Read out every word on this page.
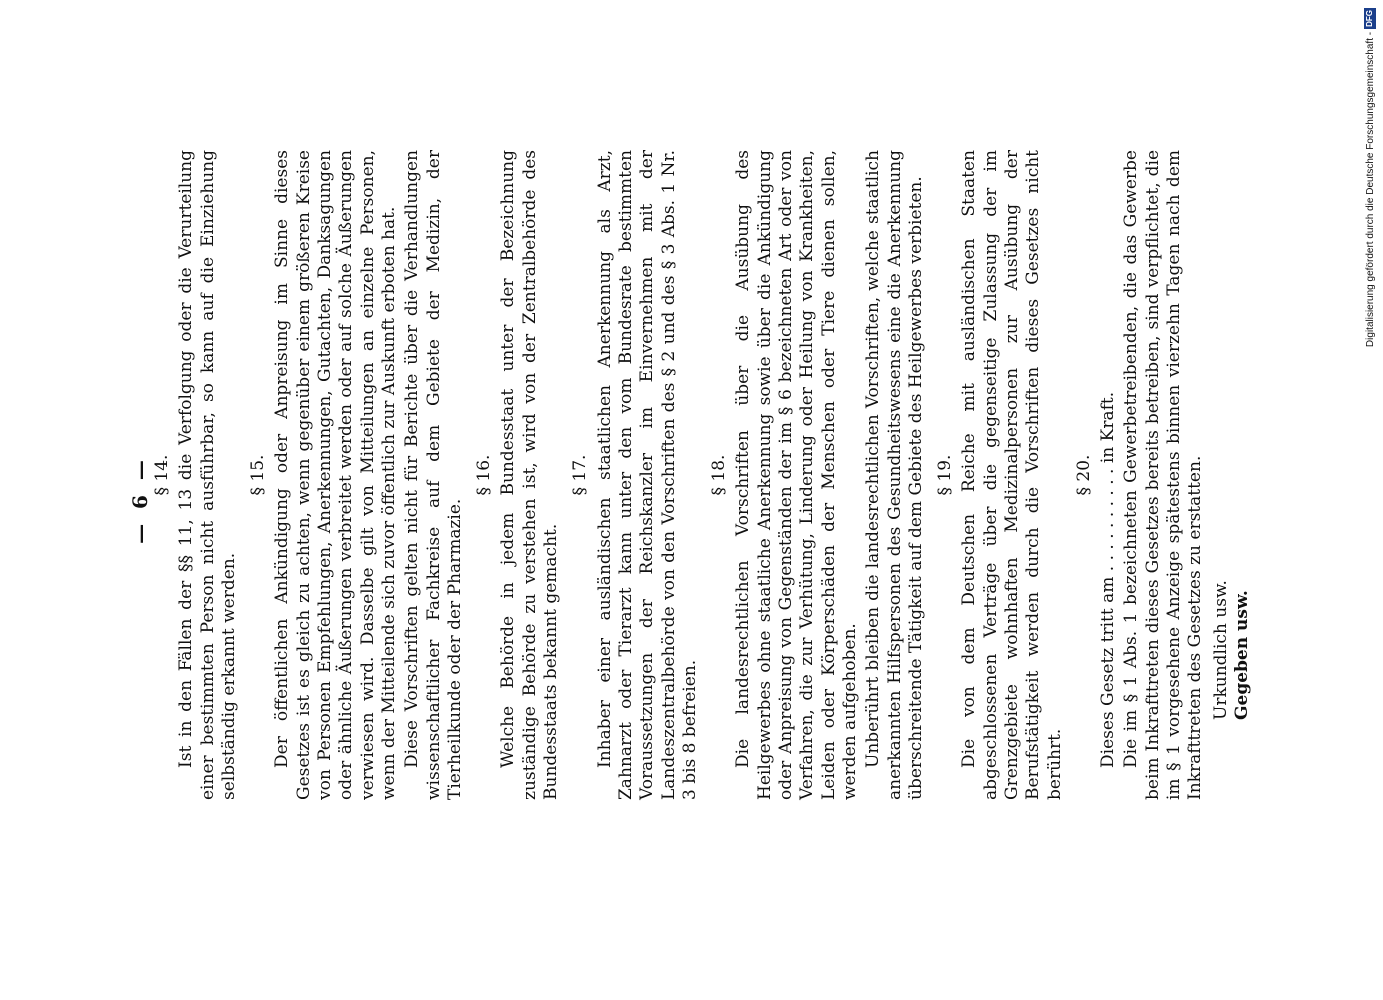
— 6 — § 14. Ist in den Fällen der §§ 11, 13 die Verfolgung oder die Verurteilung einer bestimmten Person nicht ausführbar, so kann auf die Einziehung selbständig erkannt werden.

§ 15. Der öffentlichen Ankündigung oder Anpreisung im Sinne dieses Gesetzes ist es gleich zu achten, wenn gegenüber einem größeren Kreise von Personen Empfehlungen, Anerkennungen, Gutachten, Danksagungen oder ähnliche Äußerungen verbreitet werden oder auf solche Äußerungen verwiesen wird. Dasselbe gilt von Mitteilungen an einzelne Personen, wenn der Mitteilende sich zuvor öffentlich zur Auskunft erboten hat. Diese Vorschriften gelten nicht für Berichte über die Verhandlungen wissenschaftlicher Fachkreise auf dem Gebiete der Medizin, der Tierheilkunde oder der Pharmazie.

§ 16. Welche Behörde in jedem Bundesstaat unter der Bezeichnung zuständige Behörde zu verstehen ist, wird von der Zentralbehörde des Bundesstaats bekannt gemacht.

§ 17. Inhaber einer ausländischen staatlichen Anerkennung als Arzt, Zahnarzt oder Tierarzt kann unter den vom Bundesrate bestimmten Voraussetzungen der Reichskanzler im Einvernehmen mit der Landeszentralbehörde von den Vorschriften des § 2 und des § 3 Abs. 1 Nr. 3 bis 8 befreien.

§ 18. Die landesrechtlichen Vorschriften über die Ausübung des Heilgewerbes ohne staatliche Anerkennung sowie über die Ankündigung oder Anpreisung von Gegenständen der im § 6 bezeichneten Art oder von Verfahren, die zur Verhütung, Linderung oder Heilung von Krankheiten, Leiden oder Körperschäden der Menschen oder Tiere dienen sollen, werden aufgehoben. Unberührt bleiben die landesrechtlichen Vorschriften, welche staatlich anerkannten Hilfspersonen des Gesundheitswesens eine die Anerkennung überschreitende Tätigkeit auf dem Gebiete des Heilgewerbes verbieten. § 19. Die von dem Deutschen Reiche mit ausländischen Staaten abgeschlossenen Verträge über die gegenseitige Zulassung der im Grenzgebiete wohnhaften Medizinalpersonen zur Ausübung der Berufstätigkeit werden durch die Vorschriften dieses Gesetzes nicht berührt.

§ 20. Dieses Gesetz tritt am . . . . . . . . . . in Kraft. Die im § 1 Abs. 1 bezeichneten Gewerbetreibenden, die das Gewerbe beim Inkrafttreten dieses Gesetzes bereits betreiben, sind verpflichtet, die im § 1 vorgesehene Anzeige spätestens binnen vierzehn Tagen nach dem Inkrafttreten des Gesetzes zu erstatten. Urkundlich usw. Gegeben usw.

Digitalisierung gefördert durch die Deutsche Forschungsgemeinschaft -
DFG
